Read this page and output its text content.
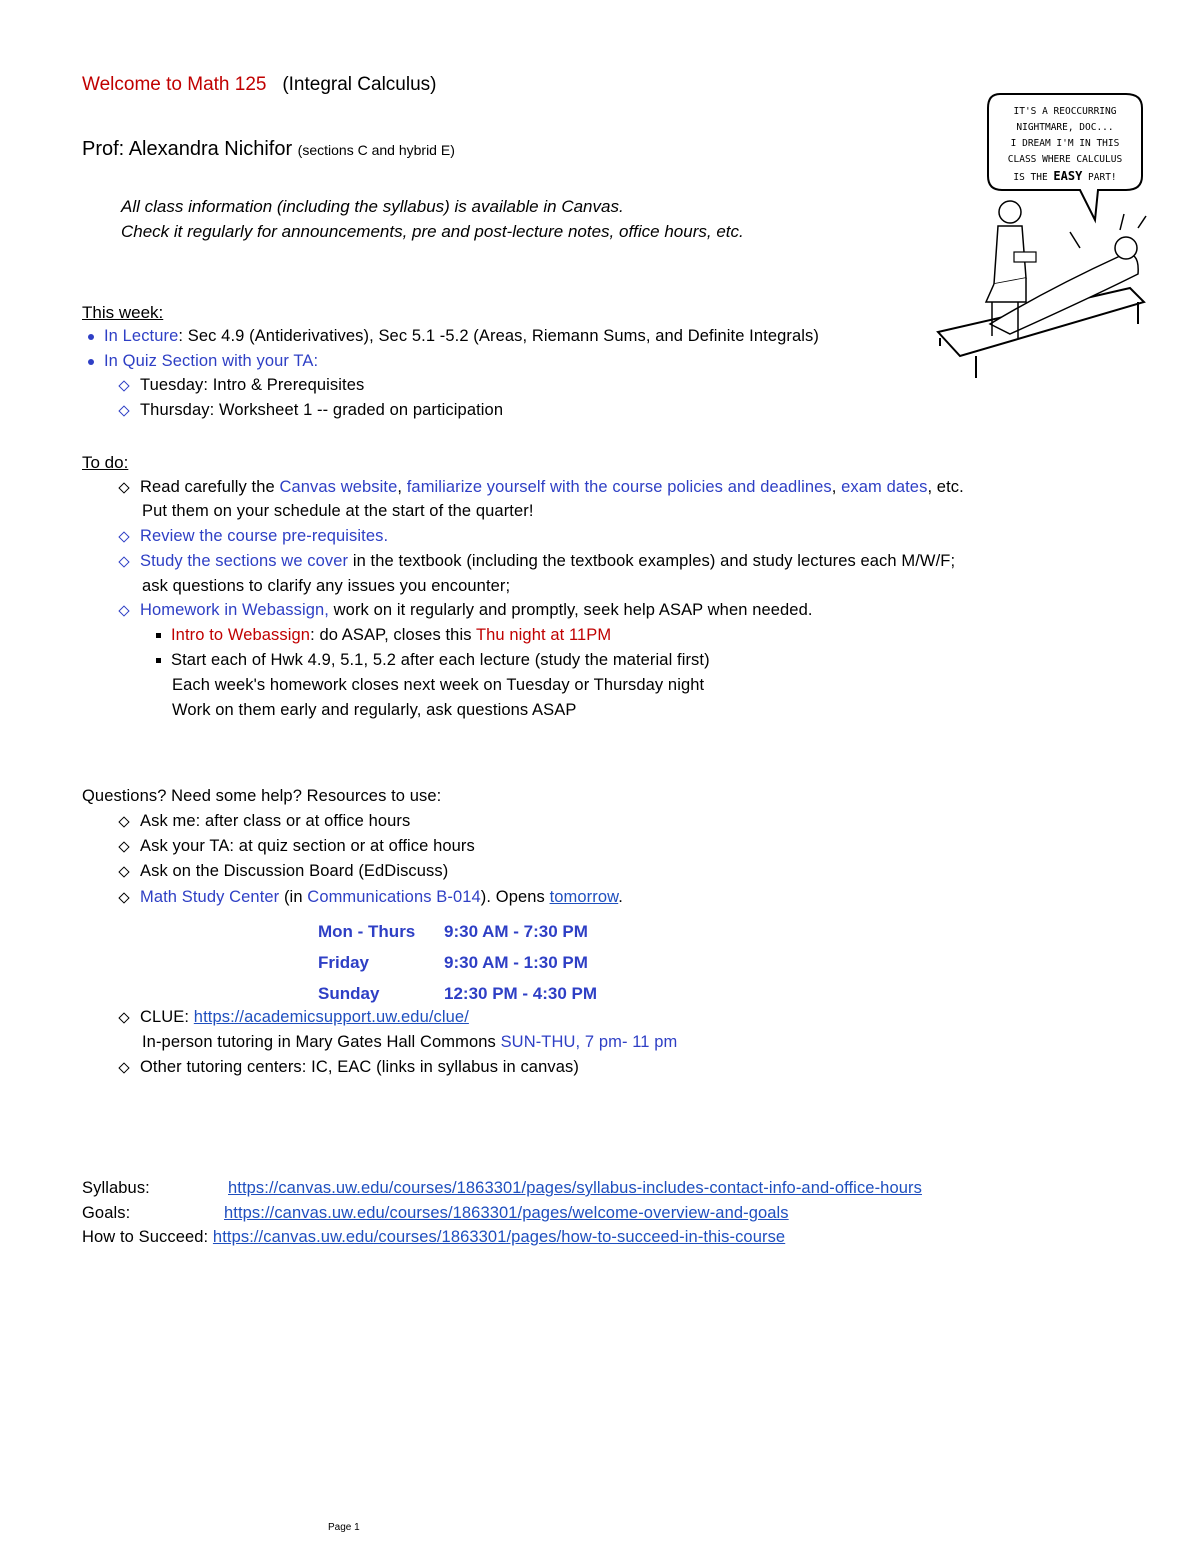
Welcome to Math 125 (Integral Calculus)
Prof: Alexandra Nichifor (sections C and hybrid E)
All class information (including the syllabus) is available in Canvas.
Check it regularly for announcements, pre and post-lecture notes, office hours, etc.
This week:
In Lecture: Sec 4.9 (Antiderivatives), Sec 5.1 -5.2 (Areas, Riemann Sums, and Definite Integrals)
In Quiz Section with your TA:
Tuesday: Intro & Prerequisites
Thursday: Worksheet 1 -- graded on participation
To do:
Read carefully the Canvas website, familiarize yourself with the course policies and deadlines, exam dates, etc.
Put them on your schedule at the start of the quarter!
Review the course pre-requisites.
Study the sections we cover in the textbook (including the textbook examples) and study lectures each M/W/F;
ask questions to clarify any issues you encounter;
Homework in Webassign, work on it regularly and promptly, seek help ASAP when needed.
Intro to Webassign: do ASAP, closes this Thu night at 11PM
Start each of Hwk 4.9, 5.1, 5.2 after each lecture (study the material first)
Each week's homework closes next week on Tuesday or Thursday night
Work on them early and regularly, ask questions ASAP
Questions? Need some help? Resources to use:
Ask me: after class or at office hours
Ask your TA: at quiz section or at office hours
Ask on the Discussion Board (EdDiscuss)
Math Study Center (in Communications B-014). Opens tomorrow.
Mon - Thurs	9:30 AM - 7:30 PM
Friday	9:30 AM - 1:30 PM
Sunday	12:30 PM - 4:30 PM
CLUE: https://academicsupport.uw.edu/clue/
In-person tutoring in Mary Gates Hall Commons SUN-THU, 7 pm- 11 pm
Other tutoring centers: IC, EAC (links in syllabus in canvas)
Syllabus:	https://canvas.uw.edu/courses/1863301/pages/syllabus-includes-contact-info-and-office-hours
Goals:	https://canvas.uw.edu/courses/1863301/pages/welcome-overview-and-goals
How to Succeed: https://canvas.uw.edu/courses/1863301/pages/how-to-succeed-in-this-course
IT'S A REOCCURRING
NIGHTMARE, DOC...
I DREAM I'M IN THIS
CLASS WHERE CALCULUS
IS THE EASY PART!
Page 1
